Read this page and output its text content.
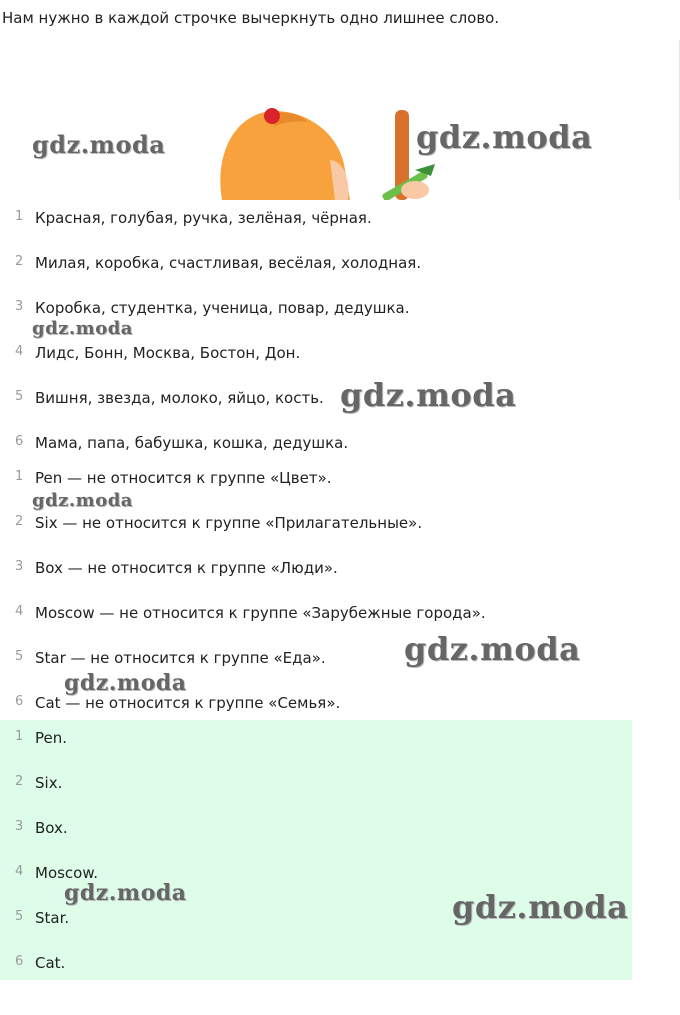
Нам нужно в каждой строчке вычеркнуть одно лишнее слово.
1 Красная, голубая, ручка, зелёная, чёрная.
2 Милая, коробка, счастливая, весёлая, холодная.
3 Коробка, студентка, ученица, повар, дедушка.
4 Лидс, Бонн, Москва, Бостон, Дон.
5 Вишня, звезда, молоко, яйцо, кость.
6 Мама, папа, бабушка, кошка, дедушка.
1 Pen — не относится к группе «Цвет».
2 Six — не относится к группе «Прилагательные».
3 Box — не относится к группе «Люди».
4 Moscow — не относится к группе «Зарубежные города».
5 Star — не относится к группе «Еда».
6 Cat — не относится к группе «Семья».
1 Pen.
2 Six.
3 Box.
4 Moscow.
5 Star.
6 Cat.
gdz.moda	gdz.moda
gdz.moda
gdz.moda
gdz.moda
gdz.moda
gdz.moda
gdz.moda	gdz.moda
